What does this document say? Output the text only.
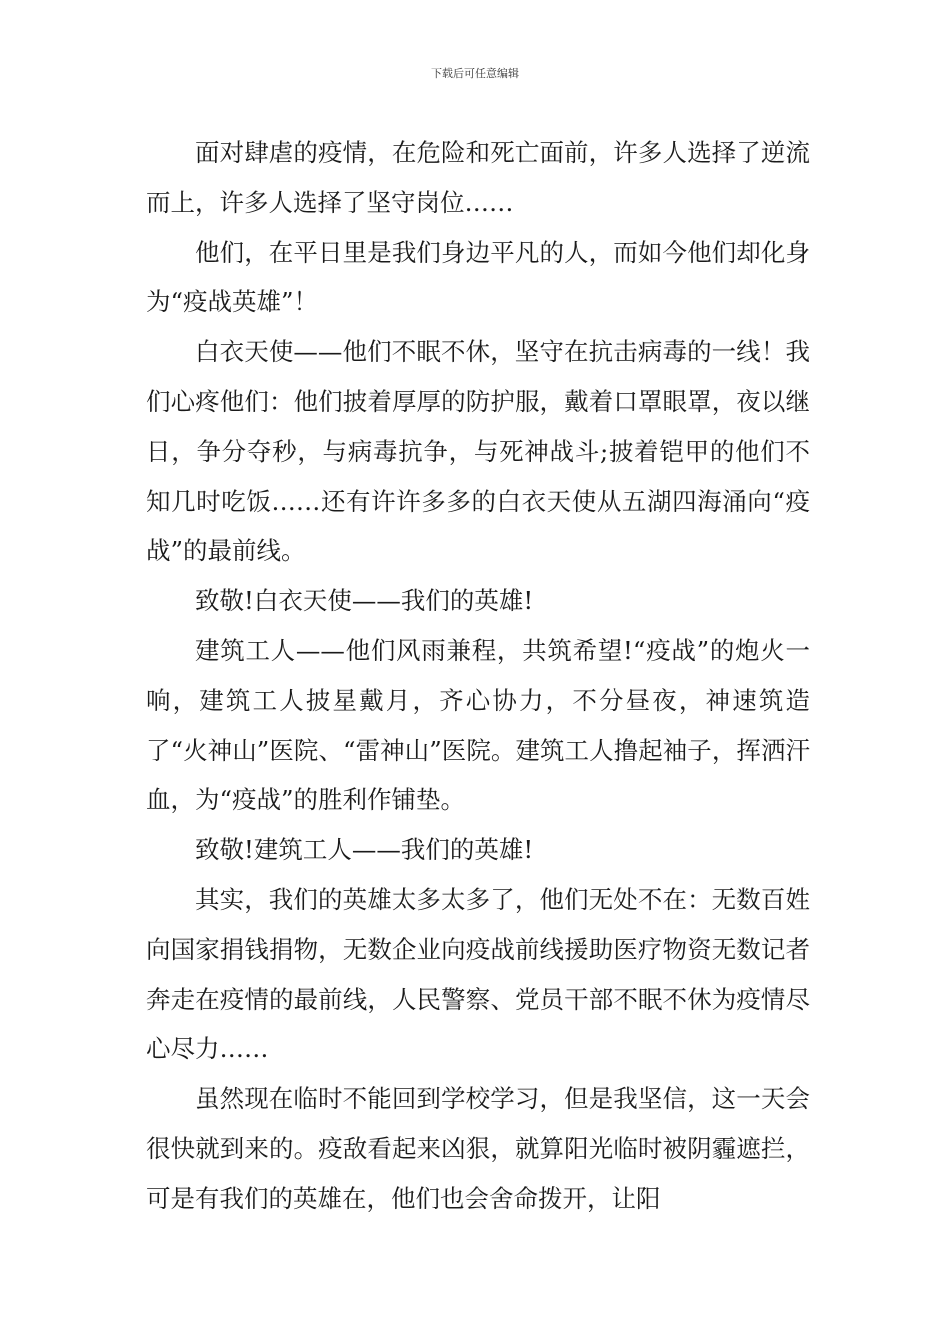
下载后可任意编辑

面对肆虐的疫情，在危险和死亡面前，许多人选择了逆流而上，许多人选择了坚守岗位……

他们，在平日里是我们身边平凡的人，而如今他们却化身为“疫战英雄”！

白衣天使——他们不眠不休，坚守在抗击病毒的一线！我们心疼他们：他们披着厚厚的防护服，戴着口罩眼罩，夜以继日，争分夺秒，与病毒抗争，与死神战斗;披着铠甲的他们不知几时吃饭……还有许许多多的白衣天使从五湖四海涌向“疫战”的最前线。

致敬!白衣天使——我们的英雄!

建筑工人——他们风雨兼程，共筑希望!“疫战”的炮火一响，建筑工人披星戴月，齐心协力，不分昼夜，神速筑造了“火神山”医院、“雷神山”医院。建筑工人撸起袖子，挥洒汗血，为“疫战”的胜利作铺垫。

致敬!建筑工人——我们的英雄!

其实，我们的英雄太多太多了，他们无处不在：无数百姓向国家捐钱捐物，无数企业向疫战前线援助医疗物资无数记者奔走在疫情的最前线，人民警察、党员干部不眠不休为疫情尽心尽力……

虽然现在临时不能回到学校学习，但是我坚信，这一天会很快就到来的。疫敌看起来凶狠，就算阳光临时被阴霾遮拦，可是有我们的英雄在，他们也会舍命拨开，让阳
